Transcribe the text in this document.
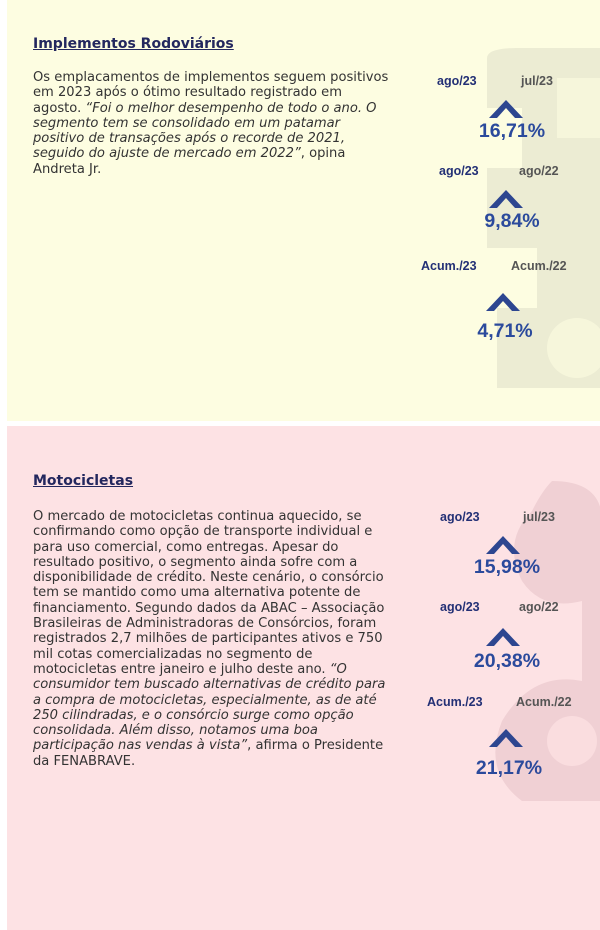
Implementos Rodoviários

Os emplacamentos de implementos seguem positivos em 2023 após o ótimo resultado registrado em agosto. “Foi o melhor desempenho de todo o ano. O segmento tem se consolidado em um patamar positivo de transações após o recorde de 2021, seguido do ajuste de mercado em 2022”, opina Andreta Jr.

ago/23	jul/23
16,71%
ago/23	ago/22
9,84%
Acum./23	Acum./22
4,71%
Motocicletas

O mercado de motocicletas continua aquecido, se confirmando como opção de transporte individual e para uso comercial, como entregas. Apesar do resultado positivo, o segmento ainda sofre com a disponibilidade de crédito. Neste cenário, o consórcio tem se mantido como uma alternativa potente de financiamento. Segundo dados da ABAC – Associação Brasileiras de Administradoras de Consórcios, foram registrados 2,7 milhões de participantes ativos e 750 mil cotas comercializadas no segmento de motocicletas entre janeiro e julho deste ano. “O consumidor tem buscado alternativas de crédito para a compra de motocicletas, especialmente, as de até 250 cilindradas, e o consórcio surge como opção consolidada. Além disso, notamos uma boa participação nas vendas à vista”, afirma o Presidente da FENABRAVE.

ago/23	jul/23
15,98%
ago/23	ago/22
20,38%
Acum./23	Acum./22
21,17%
